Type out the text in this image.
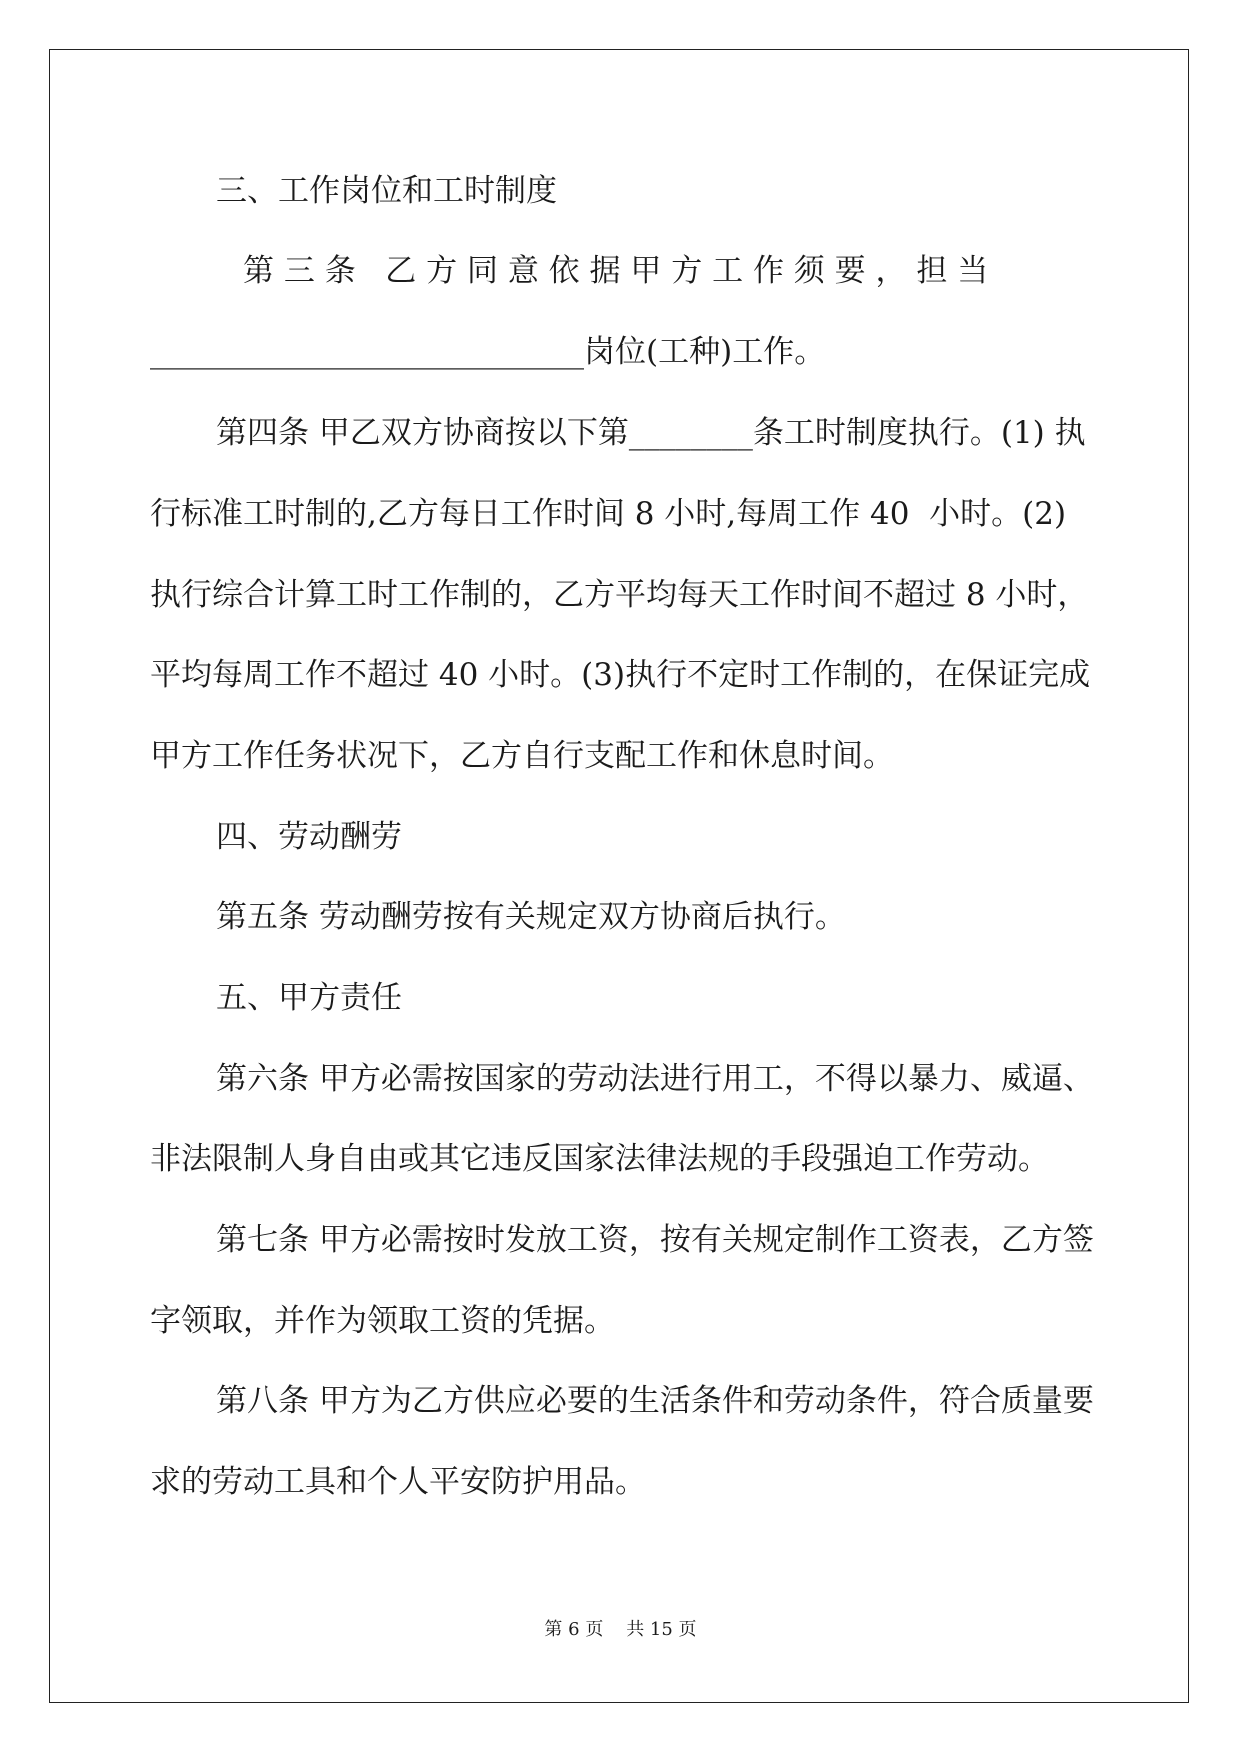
三、工作岗位和工时制度
第 三 条   乙 方 同 意 依 据 甲 方 工 作 须 要 ， 担 当
____________________________岗位(工种)工作。
第四条 甲乙双方协商按以下第________条工时制度执行。(1) 执
行标准工时制的,乙方每日工作时间 8 小时,每周工作 40  小时。(2)
执行综合计算工时工作制的，乙方平均每天工作时间不超过 8 小时，
平均每周工作不超过 40 小时。(3)执行不定时工作制的，在保证完成
甲方工作任务状况下，乙方自行支配工作和休息时间。
四、劳动酬劳
第五条 劳动酬劳按有关规定双方协商后执行。
五、甲方责任
第六条 甲方必需按国家的劳动法进行用工，不得以暴力、威逼、
非法限制人身自由或其它违反国家法律法规的手段强迫工作劳动。
第七条 甲方必需按时发放工资，按有关规定制作工资表，乙方签
字领取，并作为领取工资的凭据。
第八条 甲方为乙方供应必要的生活条件和劳动条件，符合质量要
求的劳动工具和个人平安防护用品。
第 6 页    共 15 页
